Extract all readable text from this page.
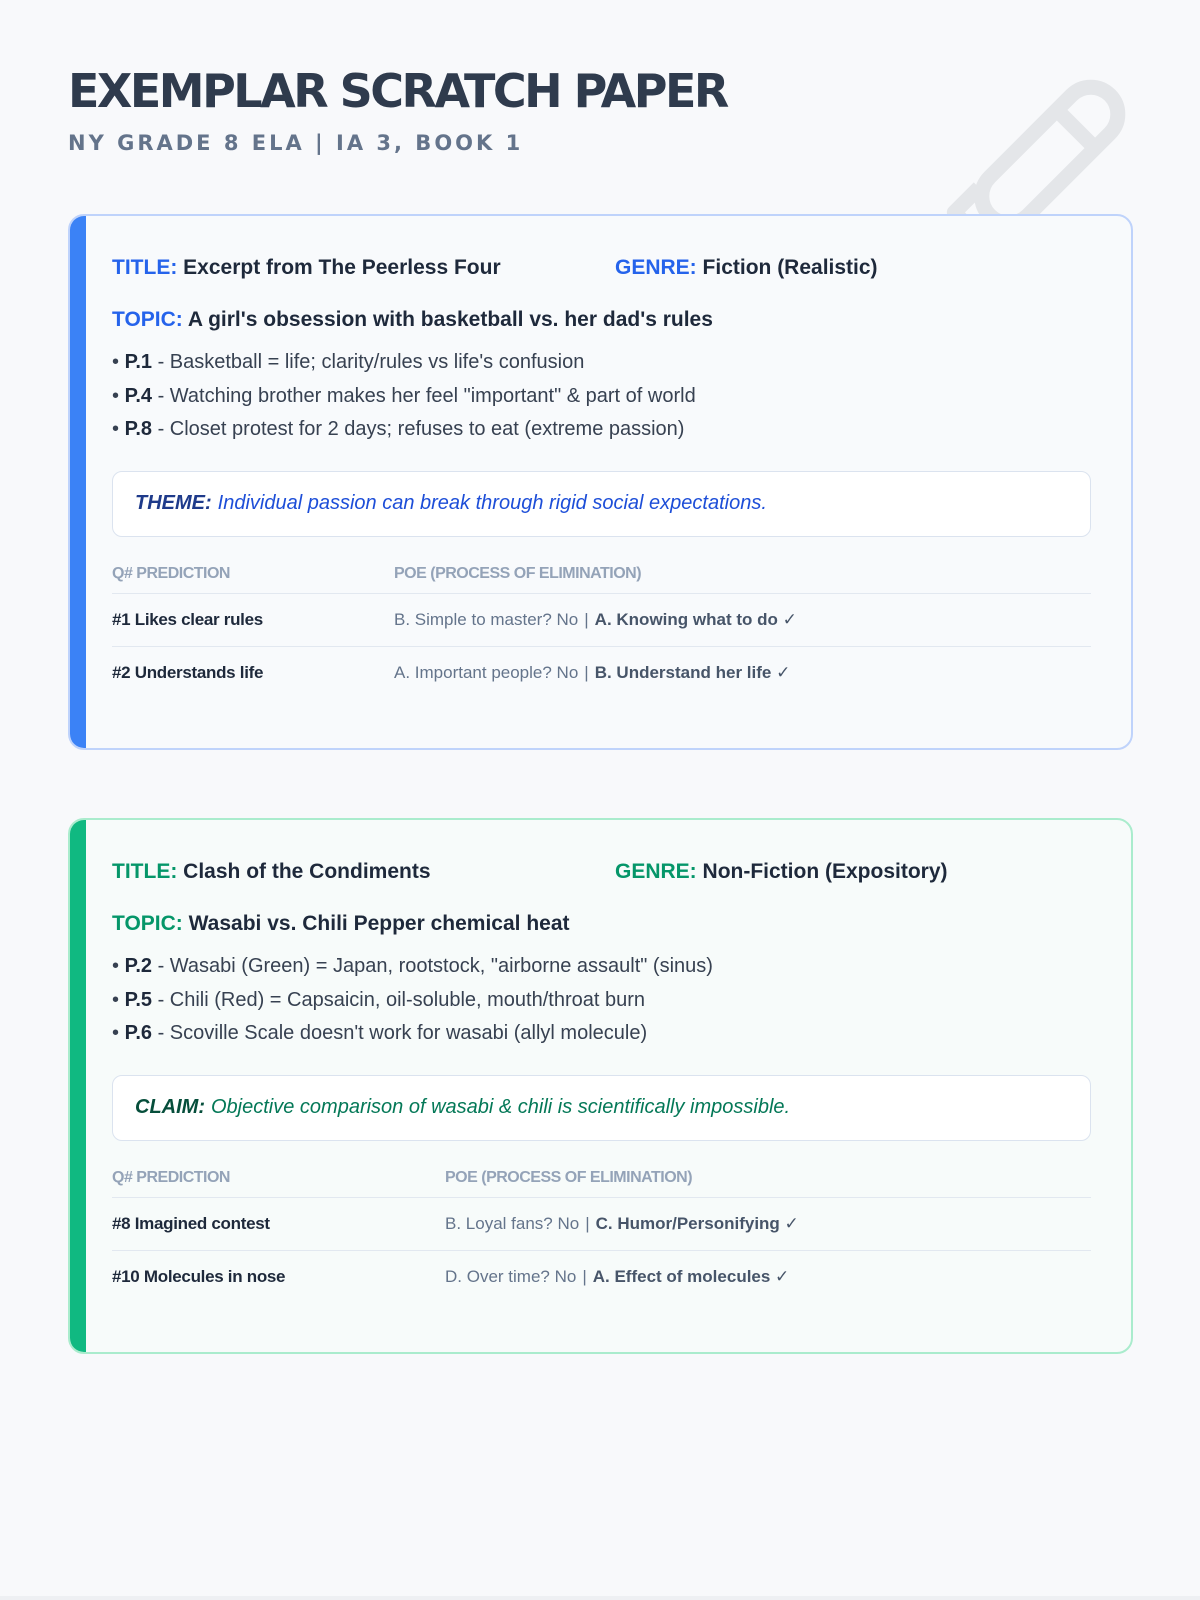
EXEMPLAR SCRATCH PAPER
NY GRADE 8 ELA | IA 3, BOOK 1
TITLE: Excerpt from The Peerless Four	GENRE: Fiction (Realistic)
TOPIC: A girl's obsession with basketball vs. her dad's rules
• P.1 - Basketball = life; clarity/rules vs life's confusion
• P.4 - Watching brother makes her feel "important" & part of world
• P.8 - Closet protest for 2 days; refuses to eat (extreme passion)
THEME: Individual passion can break through rigid social expectations.
Q# PREDICTION	POE (PROCESS OF ELIMINATION)
#1 Likes clear rules	B. Simple to master? No | A. Knowing what to do ✓
#2 Understands life	A. Important people? No | B. Understand her life ✓
TITLE: Clash of the Condiments	GENRE: Non-Fiction (Expository)
TOPIC: Wasabi vs. Chili Pepper chemical heat
• P.2 - Wasabi (Green) = Japan, rootstock, "airborne assault" (sinus)
• P.5 - Chili (Red) = Capsaicin, oil-soluble, mouth/throat burn
• P.6 - Scoville Scale doesn't work for wasabi (allyl molecule)
CLAIM: Objective comparison of wasabi & chili is scientifically impossible.
Q# PREDICTION	POE (PROCESS OF ELIMINATION)
#8 Imagined contest	B. Loyal fans? No | C. Humor/Personifying ✓
#10 Molecules in nose	D. Over time? No | A. Effect of molecules ✓
